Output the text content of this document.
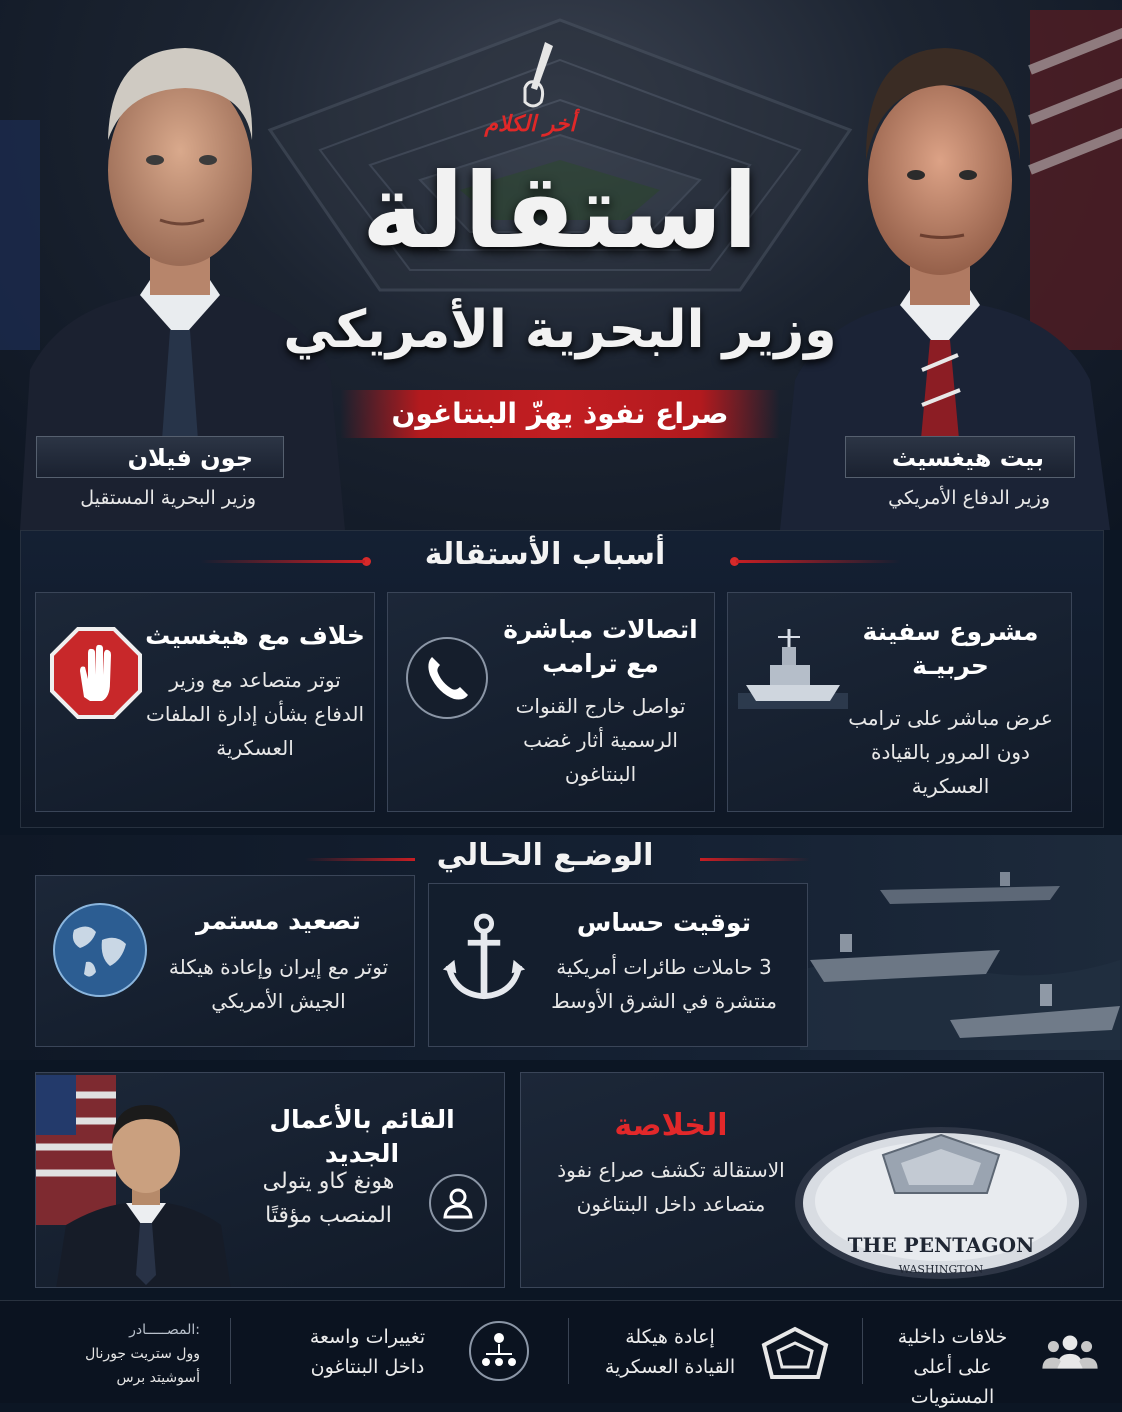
أخر الكلام
استقالة
وزير البحرية الأمريكي
صراع نفوذ يهزّ البنتاغون
جون فيلان
وزير البحرية المستقيل
بيت هيغسيث
وزير الدفاع الأمريكي
أسباب الأستقالة
مشروع سفينة حربيـة
عرض مباشر على ترامب دون المرور بالقيادة العسكرية
اتصالات مباشرة مع ترامب
تواصل خارج القنوات الرسمية أثار غضب البنتاغون
خلاف مع هيغسيث
توتر متصاعد مع وزير الدفاع بشأن إدارة الملفات العسكرية
الوضـع الحـالي
توقيت حساس
3 حاملات طائرات أمريكية منتشرة في الشرق الأوسط
تصعيد مستمر
توتر مع إيران وإعادة هيكلة الجيش الأمريكي
THE PENTAGON
WASHINGTON
الخلاصة
الاستقالة تكشف صراع نفوذ متصاعد داخل البنتاغون
القائم بالأعمال الجديد
هونغ كاو يتولى المنصب مؤقتًا
خلافات داخلية
على أعلى المستويات
إعادة هيكلة
القيادة العسكرية
تغييرات واسعة
داخل البنتاغون
:المصـــــادر
وول ستريت جورنال
أسوشيتد برس
